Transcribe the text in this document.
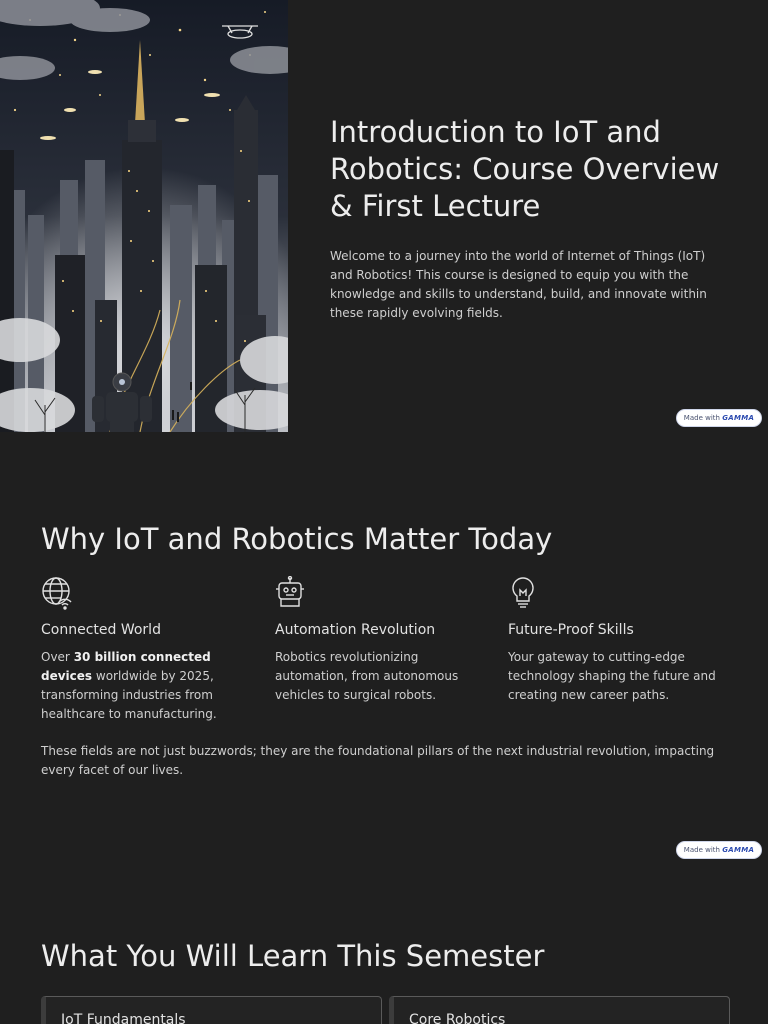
Introduction to IoT and Robotics: Course Overview & First Lecture
Welcome to a journey into the world of Internet of Things (IoT) and Robotics! This course is designed to equip you with the knowledge and skills to understand, build, and innovate within these rapidly evolving fields.
Made with GAMMA
Why IoT and Robotics Matter Today
Connected World
Over 30 billion connected devices worldwide by 2025, transforming industries from healthcare to manufacturing.
Automation Revolution
Robotics revolutionizing automation, from autonomous vehicles to surgical robots.
Future-Proof Skills
Your gateway to cutting-edge technology shaping the future and creating new career paths.
These fields are not just buzzwords; they are the foundational pillars of the next industrial revolution, impacting every facet of our lives.
Made with GAMMA
What You Will Learn This Semester
IoT Fundamentals	Core Robotics
